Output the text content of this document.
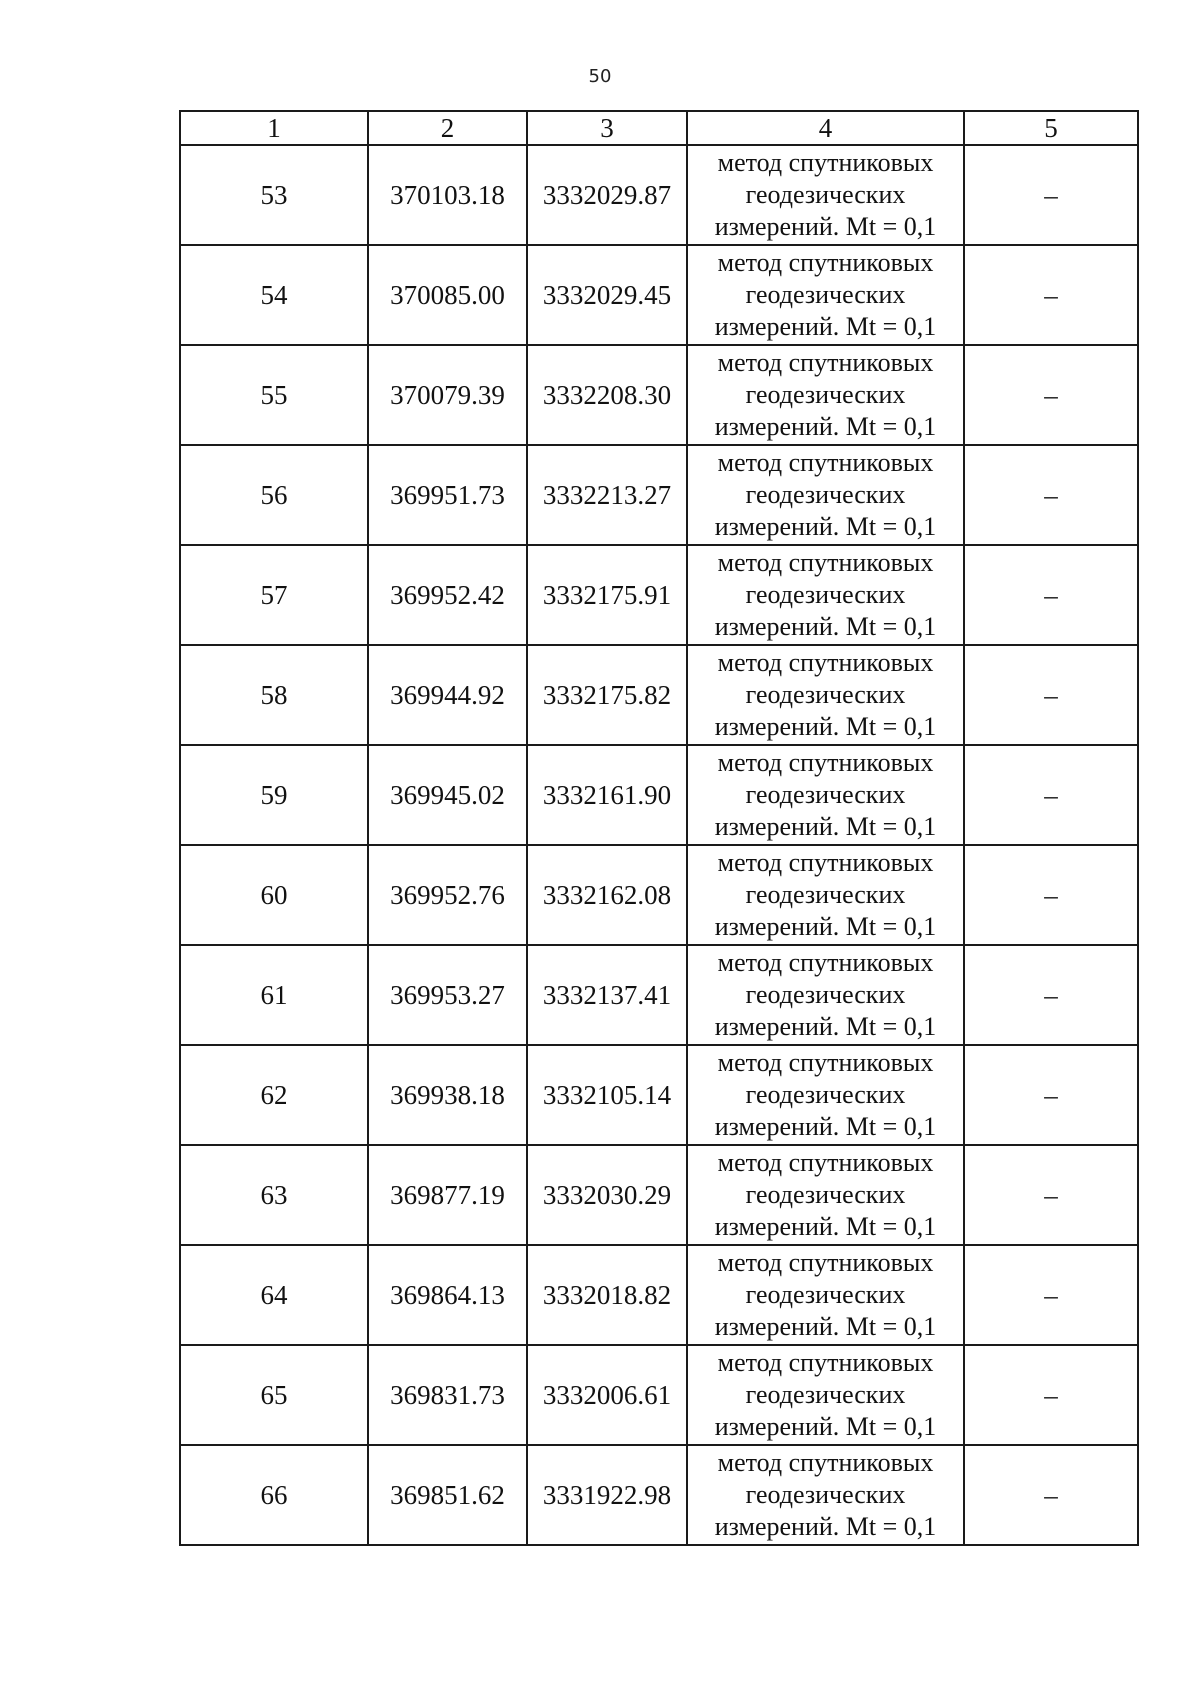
50
1	2	3	4	5
53	370103.18	3332029.87	метод спутниковых
геодезических
измерений. Mt = 0,1	–
54	370085.00	3332029.45	метод спутниковых
геодезических
измерений. Mt = 0,1	–
55	370079.39	3332208.30	метод спутниковых
геодезических
измерений. Mt = 0,1	–
56	369951.73	3332213.27	метод спутниковых
геодезических
измерений. Mt = 0,1	–
57	369952.42	3332175.91	метод спутниковых
геодезических
измерений. Mt = 0,1	–
58	369944.92	3332175.82	метод спутниковых
геодезических
измерений. Mt = 0,1	–
59	369945.02	3332161.90	метод спутниковых
геодезических
измерений. Mt = 0,1	–
60	369952.76	3332162.08	метод спутниковых
геодезических
измерений. Mt = 0,1	–
61	369953.27	3332137.41	метод спутниковых
геодезических
измерений. Mt = 0,1	–
62	369938.18	3332105.14	метод спутниковых
геодезических
измерений. Mt = 0,1	–
63	369877.19	3332030.29	метод спутниковых
геодезических
измерений. Mt = 0,1	–
64	369864.13	3332018.82	метод спутниковых
геодезических
измерений. Mt = 0,1	–
65	369831.73	3332006.61	метод спутниковых
геодезических
измерений. Mt = 0,1	–
66	369851.62	3331922.98	метод спутниковых
геодезических
измерений. Mt = 0,1	–
